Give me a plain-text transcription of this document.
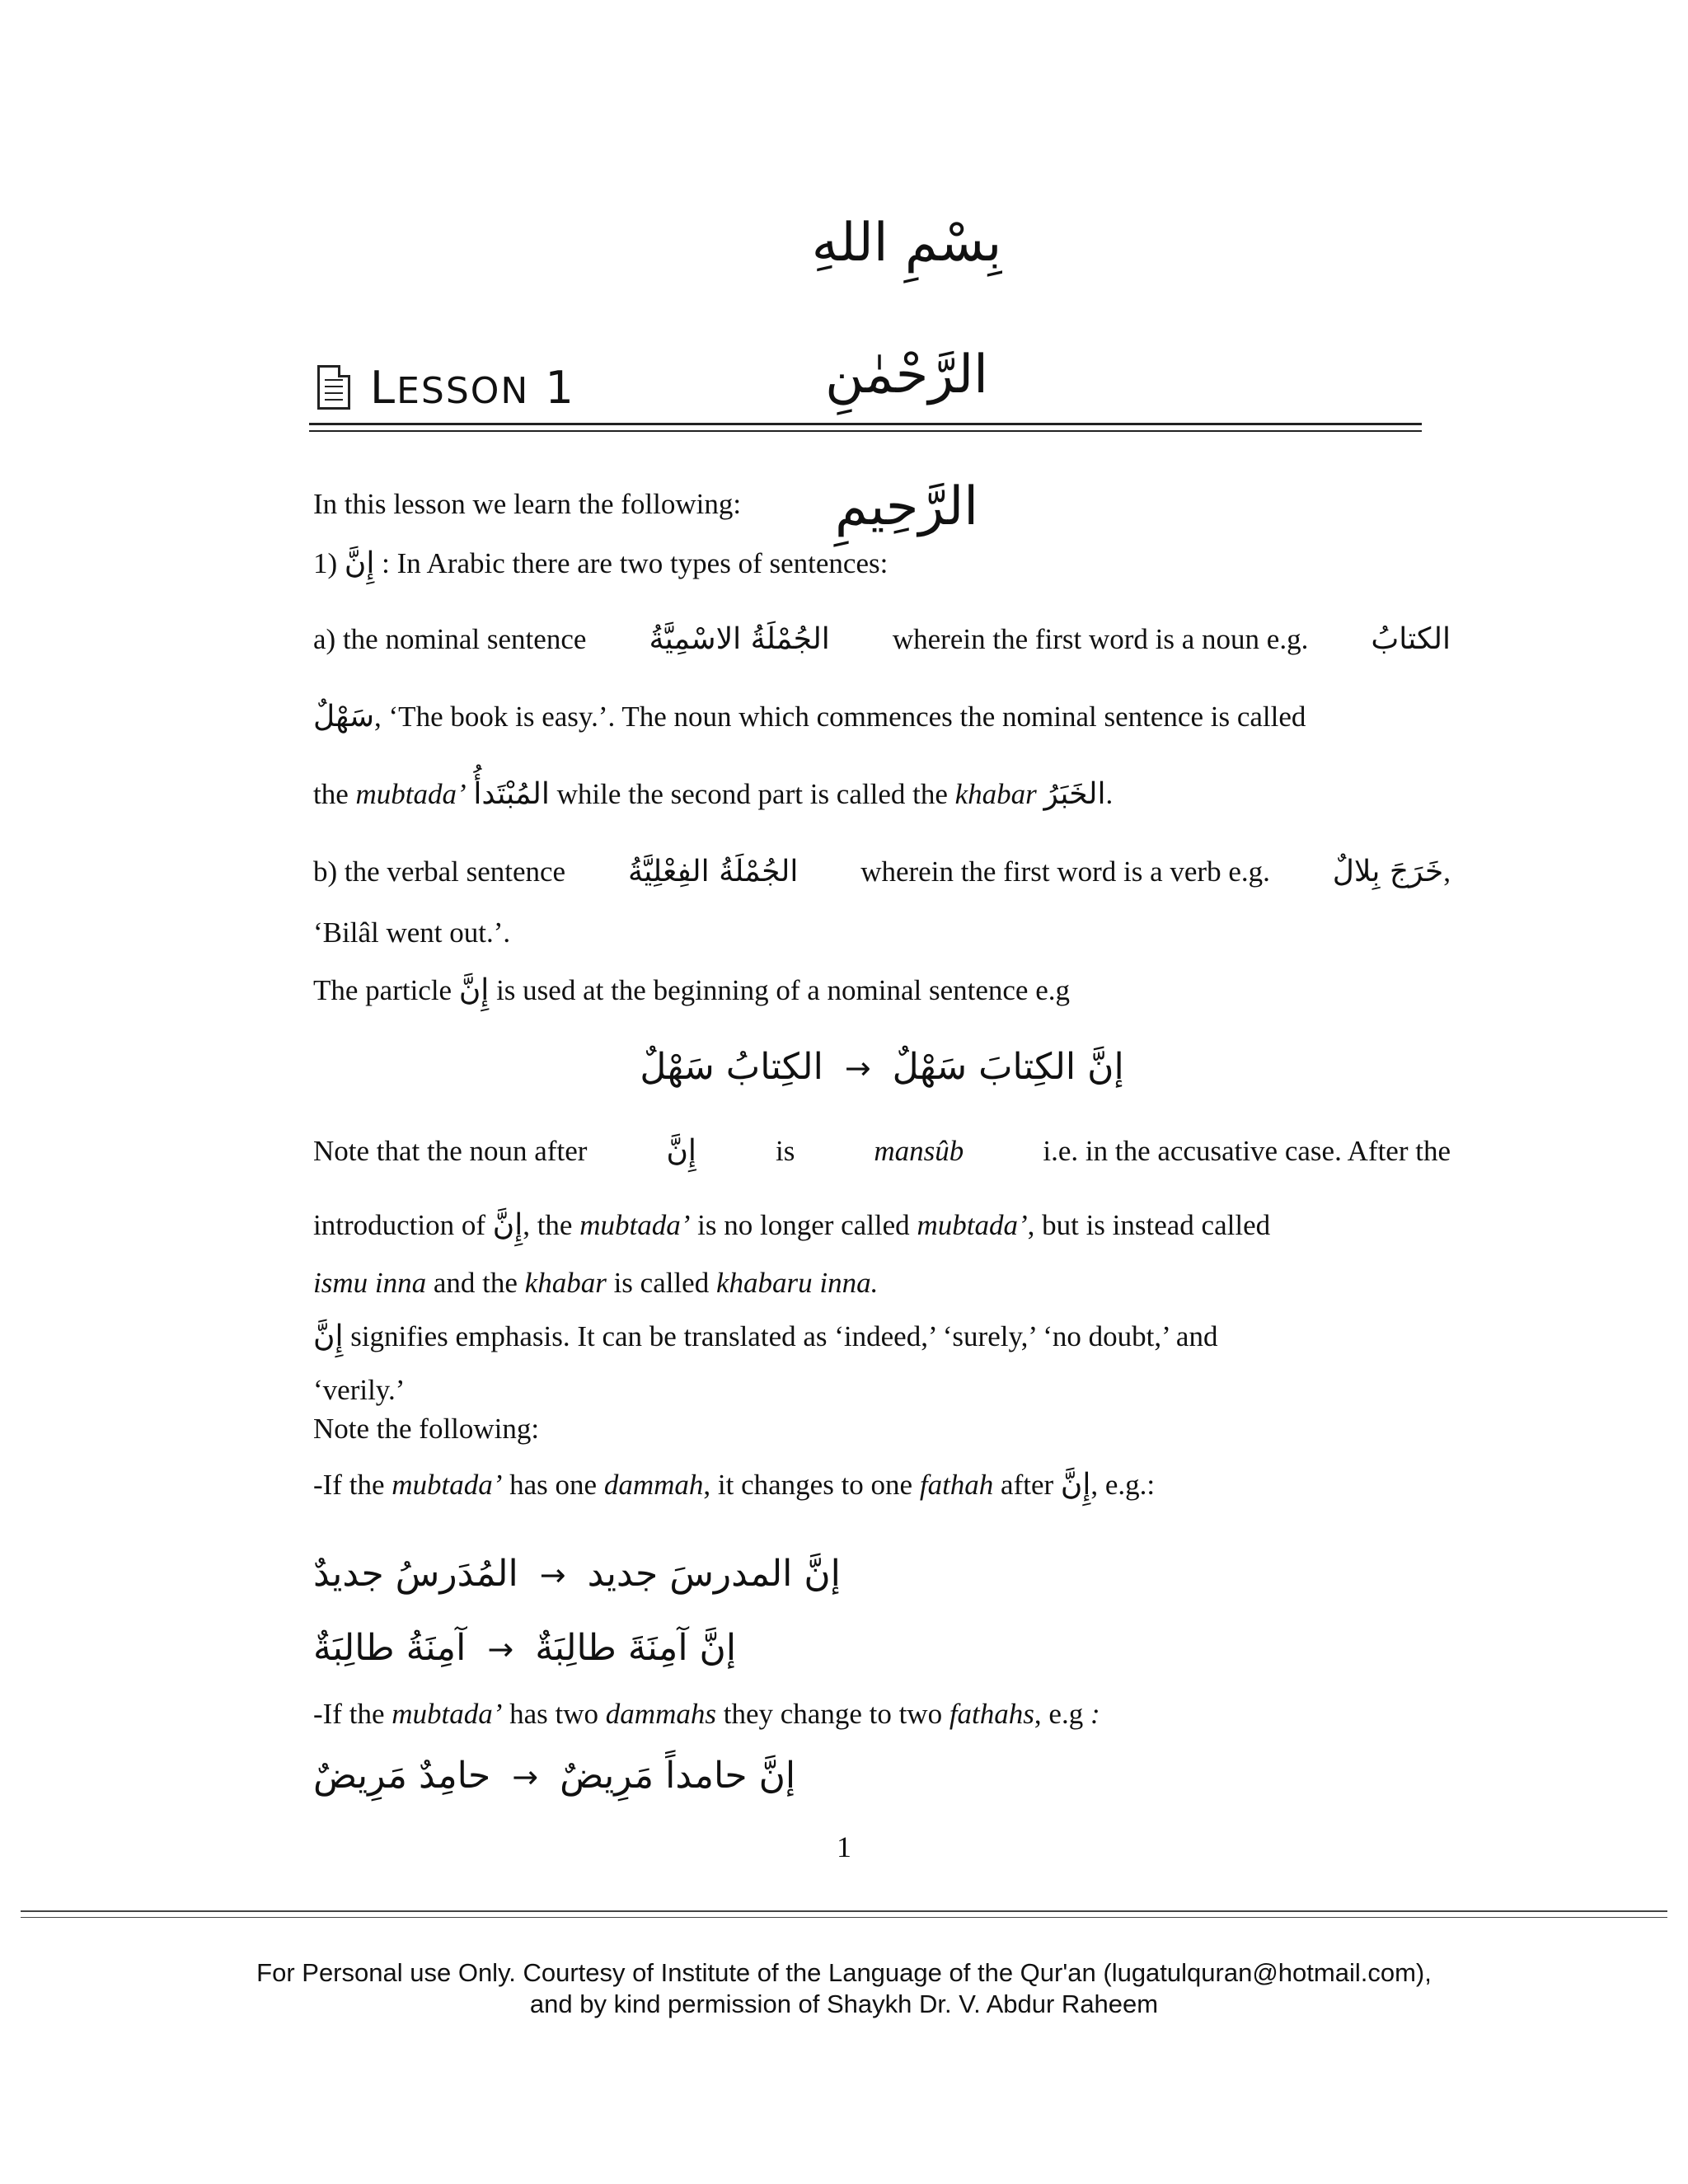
بِسْمِ اللهِ الرَّحْمٰنِ الرَّحِيمِ
LESSON 1
In this lesson we learn the following:
1) إِنَّ : In Arabic there are two types of sentences:
a) the nominal sentence الجُمْلَةُ الاسْمِيَّةُ wherein the first word is a noun e.g. الكتابُ
سَهْلٌ, ‘The book is easy.’. The noun which commences the nominal sentence is called
the mubtada’ المُبْتَدأُ while the second part is called the khabar الخَبَرُ.
b) the verbal sentence الجُمْلَةُ الفِعْلِيَّةُ wherein the first word is a verb e.g. خَرَجَ بِلالٌ,
‘Bilâl went out.’.
The particle إِنَّ is used at the beginning of a nominal sentence e.g
الكِتابُ سَهْلٌ → إنَّ الكِتابَ سَهْلٌ
Note that the noun after	إِنَّ	is	mansûb	i.e. in the accusative case. After the
introduction of إِنَّ, the mubtada’ is no longer called mubtada’, but is instead called
ismu inna and the khabar is called khabaru inna.
إِنَّ signifies emphasis. It can be translated as ‘indeed,’ ‘surely,’ ‘no doubt,’ and
‘verily.’
Note the following:
-If the mubtada’ has one dammah, it changes to one fathah after إِنَّ, e.g.:
المُدَرسُ جديدٌ → إنَّ المدرسَ جديد
آمِنَةُ طالِبَةٌ → إنَّ آمِنَةَ طالِبَةٌ
-If the mubtada’ has two dammahs they change to two fathahs, e.g :
حامِدٌ مَرِيضٌ → إنَّ حامداً مَرِيضٌ
1
For Personal use Only. Courtesy of Institute of the Language of the Qur'an (lugatulquran@hotmail.com),
and by kind permission of Shaykh Dr. V. Abdur Raheem
